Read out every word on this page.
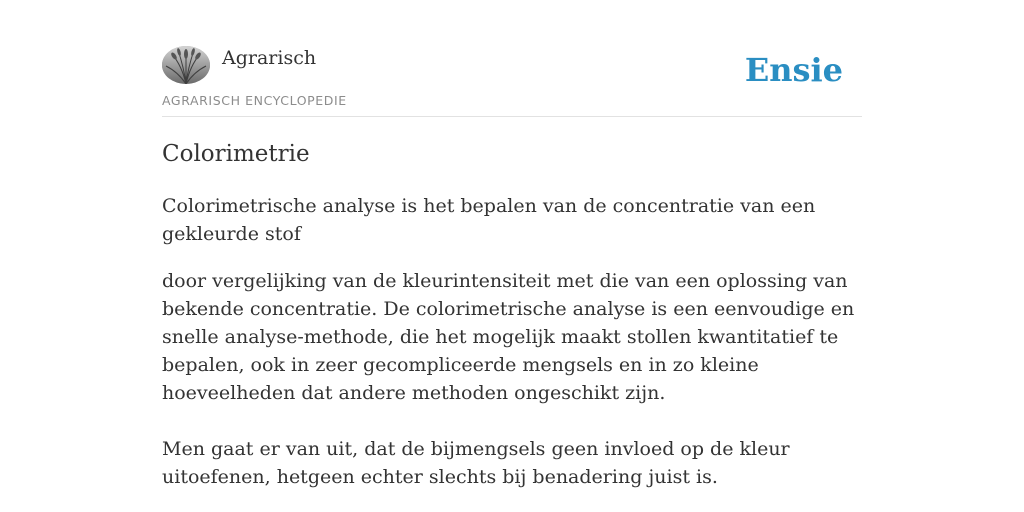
Agrarisch
AGRARISCH ENCYCLOPEDIE
Ensie
Colorimetrie

Colorimetrische analyse is het bepalen van de concentratie van een gekleurde stof

door vergelijking van de kleurintensiteit met die van een oplossing van bekende concentratie. De colorimetrische analyse is een eenvoudige en snelle analyse-methode, die het mogelijk maakt stollen kwantitatief te bepalen, ook in zeer gecompliceerde mengsels en in zo kleine hoeveelheden dat andere methoden ongeschikt zijn.

Men gaat er van uit, dat de bijmengsels geen invloed op de kleur uitoefenen, hetgeen echter slechts bij benadering juist is.
